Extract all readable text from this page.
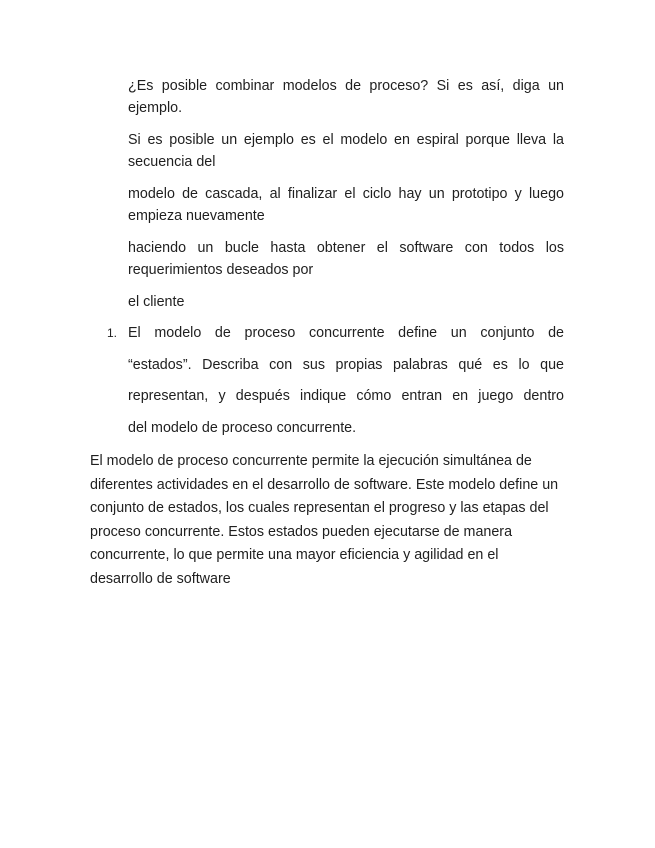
¿Es posible combinar modelos de proceso? Si es así, diga un ejemplo.

Si es posible un ejemplo es el modelo en espiral porque lleva la secuencia del

modelo de cascada, al finalizar el ciclo hay un prototipo y luego empieza nuevamente

haciendo un bucle hasta obtener el software con todos los requerimientos deseados por

el cliente

1. El modelo de proceso concurrente define un conjunto de
“estados”. Describa con sus propias palabras qué es lo que
representan, y después indique cómo entran en juego dentro
del modelo de proceso concurrente.

El modelo de proceso concurrente permite la ejecución simultánea de diferentes actividades en el desarrollo de software. Este modelo define un conjunto de estados, los cuales representan el progreso y las etapas del proceso concurrente. Estos estados pueden ejecutarse de manera concurrente, lo que permite una mayor eficiencia y agilidad en el desarrollo de software
